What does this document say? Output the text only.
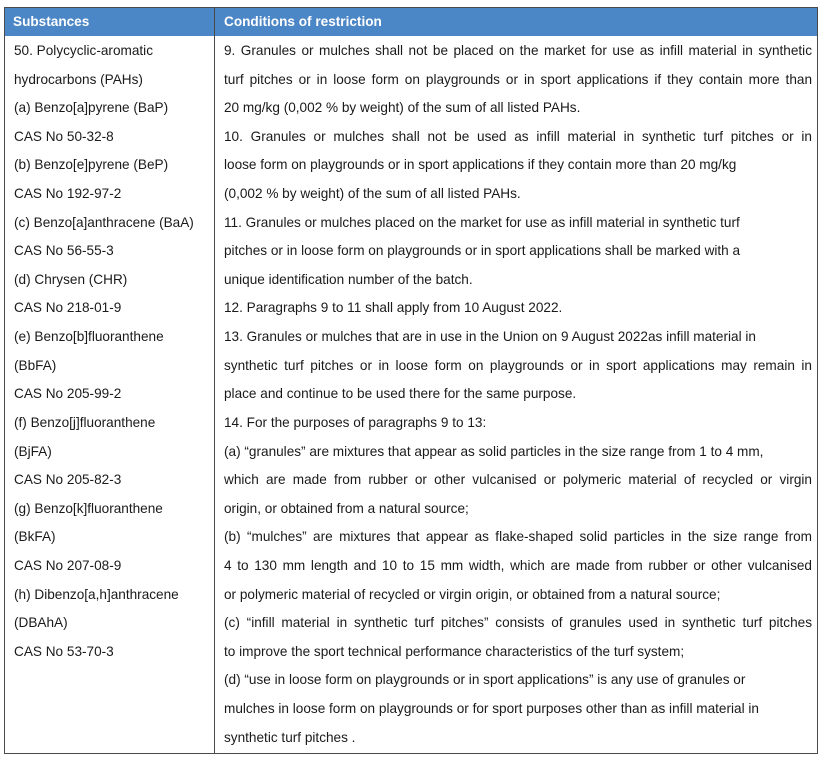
Substances	Conditions of restriction
50. Polycyclic-aromatic
hydrocarbons (PAHs)
(a) Benzo[a]pyrene (BaP)
CAS No 50-32-8
(b) Benzo[e]pyrene (BeP)
CAS No 192-97-2
(c) Benzo[a]anthracene (BaA)
CAS No 56-55-3
(d) Chrysen (CHR)
CAS No 218-01-9
(e) Benzo[b]fluoranthene
(BbFA)
CAS No 205-99-2
(f) Benzo[j]fluoranthene
(BjFA)
CAS No 205-82-3
(g) Benzo[k]fluoranthene
(BkFA)
CAS No 207-08-9
(h) Dibenzo[a,h]anthracene
(DBAhA)
CAS No 53-70-3
9. Granules or mulches shall not be placed on the market for use as infill material in synthetic
turf pitches or in loose form on playgrounds or in sport applications if they contain more than
20 mg/kg (0,002 % by weight) of the sum of all listed PAHs.
10. Granules or mulches shall not be used as infill material in synthetic turf pitches or in
loose form on playgrounds or in sport applications if they contain more than 20 mg/kg
(0,002 % by weight) of the sum of all listed PAHs.
11. Granules or mulches placed on the market for use as infill material in synthetic turf
pitches or in loose form on playgrounds or in sport applications shall be marked with a
unique identification number of the batch.
12. Paragraphs 9 to 11 shall apply from 10 August 2022.
13. Granules or mulches that are in use in the Union on 9 August 2022as infill material in
synthetic turf pitches or in loose form on playgrounds or in sport applications may remain in
place and continue to be used there for the same purpose.
14. For the purposes of paragraphs 9 to 13:
(a) “granules” are mixtures that appear as solid particles in the size range from 1 to 4 mm,
which are made from rubber or other vulcanised or polymeric material of recycled or virgin
origin, or obtained from a natural source;
(b) “mulches” are mixtures that appear as flake-shaped solid particles in the size range from
4 to 130 mm length and 10 to 15 mm width, which are made from rubber or other vulcanised
or polymeric material of recycled or virgin origin, or obtained from a natural source;
(c) “infill material in synthetic turf pitches” consists of granules used in synthetic turf pitches
to improve the sport technical performance characteristics of the turf system;
(d) “use in loose form on playgrounds or in sport applications” is any use of granules or
mulches in loose form on playgrounds or for sport purposes other than as infill material in
synthetic turf pitches .
